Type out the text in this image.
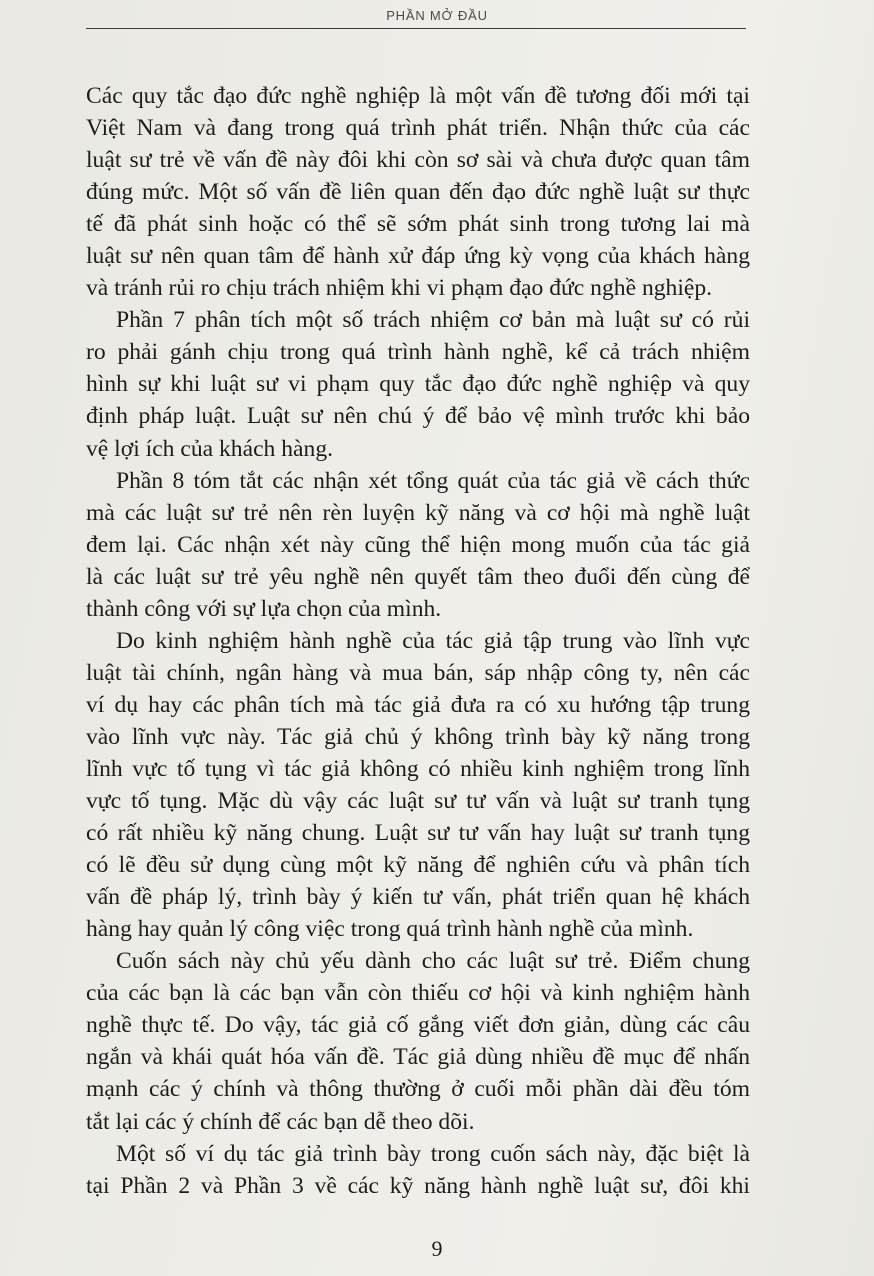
PHẦN MỞ ĐẦU
Các quy tắc đạo đức nghề nghiệp là một vấn đề tương đối mới tại
Việt Nam và đang trong quá trình phát triển. Nhận thức của các
luật sư trẻ về vấn đề này đôi khi còn sơ sài và chưa được quan tâm
đúng mức. Một số vấn đề liên quan đến đạo đức nghề luật sư thực
tế đã phát sinh hoặc có thể sẽ sớm phát sinh trong tương lai mà
luật sư nên quan tâm để hành xử đáp ứng kỳ vọng của khách hàng
và tránh rủi ro chịu trách nhiệm khi vi phạm đạo đức nghề nghiệp.
Phần 7 phân tích một số trách nhiệm cơ bản mà luật sư có rủi
ro phải gánh chịu trong quá trình hành nghề, kể cả trách nhiệm
hình sự khi luật sư vi phạm quy tắc đạo đức nghề nghiệp và quy
định pháp luật. Luật sư nên chú ý để bảo vệ mình trước khi bảo
vệ lợi ích của khách hàng.
Phần 8 tóm tắt các nhận xét tổng quát của tác giả về cách thức
mà các luật sư trẻ nên rèn luyện kỹ năng và cơ hội mà nghề luật
đem lại. Các nhận xét này cũng thể hiện mong muốn của tác giả
là các luật sư trẻ yêu nghề nên quyết tâm theo đuổi đến cùng để
thành công với sự lựa chọn của mình.
Do kinh nghiệm hành nghề của tác giả tập trung vào lĩnh vực
luật tài chính, ngân hàng và mua bán, sáp nhập công ty, nên các
ví dụ hay các phân tích mà tác giả đưa ra có xu hướng tập trung
vào lĩnh vực này. Tác giả chủ ý không trình bày kỹ năng trong
lĩnh vực tố tụng vì tác giả không có nhiều kinh nghiệm trong lĩnh
vực tố tụng. Mặc dù vậy các luật sư tư vấn và luật sư tranh tụng
có rất nhiều kỹ năng chung. Luật sư tư vấn hay luật sư tranh tụng
có lẽ đều sử dụng cùng một kỹ năng để nghiên cứu và phân tích
vấn đề pháp lý, trình bày ý kiến tư vấn, phát triển quan hệ khách
hàng hay quản lý công việc trong quá trình hành nghề của mình.
Cuốn sách này chủ yếu dành cho các luật sư trẻ. Điểm chung
của các bạn là các bạn vẫn còn thiếu cơ hội và kinh nghiệm hành
nghề thực tế. Do vậy, tác giả cố gắng viết đơn giản, dùng các câu
ngắn và khái quát hóa vấn đề. Tác giả dùng nhiều đề mục để nhấn
mạnh các ý chính và thông thường ở cuối mỗi phần dài đều tóm
tắt lại các ý chính để các bạn dễ theo dõi.
Một số ví dụ tác giả trình bày trong cuốn sách này, đặc biệt là
tại Phần 2 và Phần 3 về các kỹ năng hành nghề luật sư, đôi khi
9
